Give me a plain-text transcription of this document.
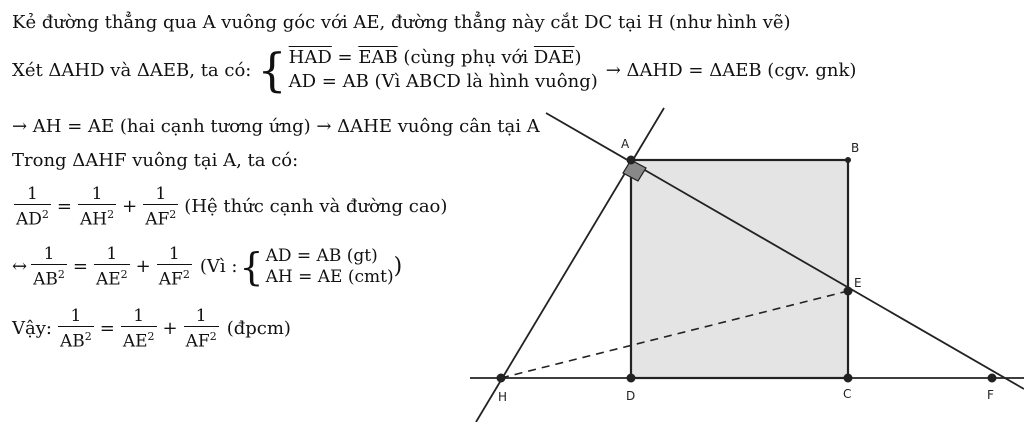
Kẻ đường thẳng qua A vuông góc với AE, đường thẳng này cắt DC tại H (như hình vẽ)
Xét ΔAHD và ΔAEB, ta có: { $\overline{HAD} = \overline{EAB}$ (cùng phụ với $\overline{DAE}$)
AD = AB (Vì ABCD là hình vuông)
→ ΔAHD = ΔAEB (cgv. gnk)
→ AH = AE (hai cạnh tương ứng) → ΔAHE vuông cân tại A
Trong ΔAHF vuông tại A, ta có:
$\frac{1}{AD^2} = \frac{1}{AH^2} + \frac{1}{AF^2}$ (Hệ thức cạnh và đường cao)
↔ $\frac{1}{AB^2} = \frac{1}{AE^2} + \frac{1}{AF^2}$ (Vì : { AD = AB (gt)
AH = AE (cmt) )
Vậy: $\frac{1}{AB^2} = \frac{1}{AE^2} + \frac{1}{AF^2}$ (đpcm)
A	B
E
D	C
H	F
